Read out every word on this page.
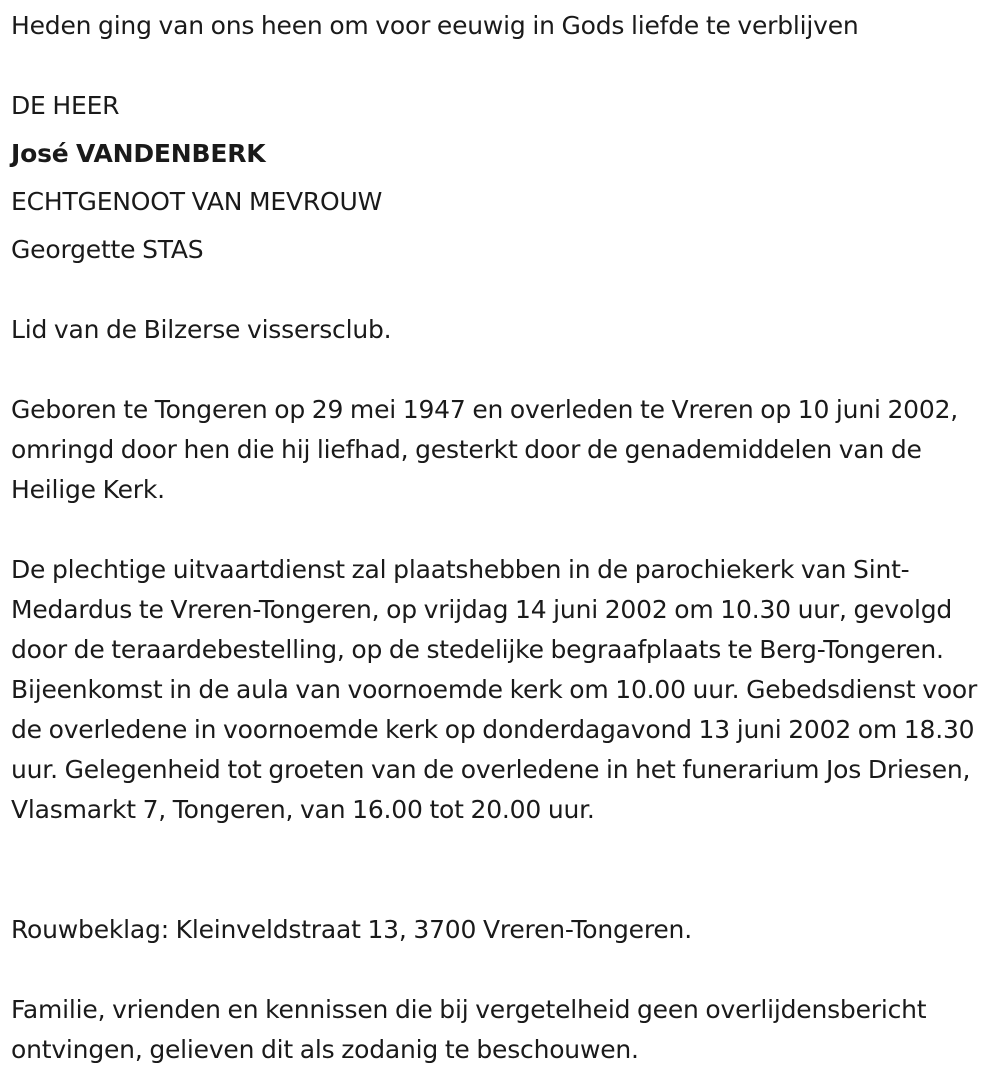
Heden ging van ons heen om voor eeuwig in Gods liefde te verblijven

DE HEER

José VANDENBERK

ECHTGENOOT VAN MEVROUW

Georgette STAS

Lid van de Bilzerse vissersclub.

Geboren te Tongeren op 29 mei 1947 en overleden te Vreren op 10 juni 2002, omringd door hen die hij liefhad, gesterkt door de genademiddelen van de Heilige Kerk.

De plechtige uitvaartdienst zal plaatshebben in de parochiekerk van Sint-Medardus te Vreren-Tongeren, op vrijdag 14 juni 2002 om 10.30 uur, gevolgd door de teraardebestelling, op de stedelijke begraafplaats te Berg-Tongeren. Bijeenkomst in de aula van voornoemde kerk om 10.00 uur. Gebedsdienst voor de overledene in voornoemde kerk op donderdagavond 13 juni 2002 om 18.30 uur. Gelegenheid tot groeten van de overledene in het funerarium Jos Driesen, Vlasmarkt 7, Tongeren, van 16.00 tot 20.00 uur.

Rouwbeklag: Kleinveldstraat 13, 3700 Vreren-Tongeren.

Familie, vrienden en kennissen die bij vergetelheid geen overlijdensbericht ontvingen, gelieven dit als zodanig te beschouwen.
